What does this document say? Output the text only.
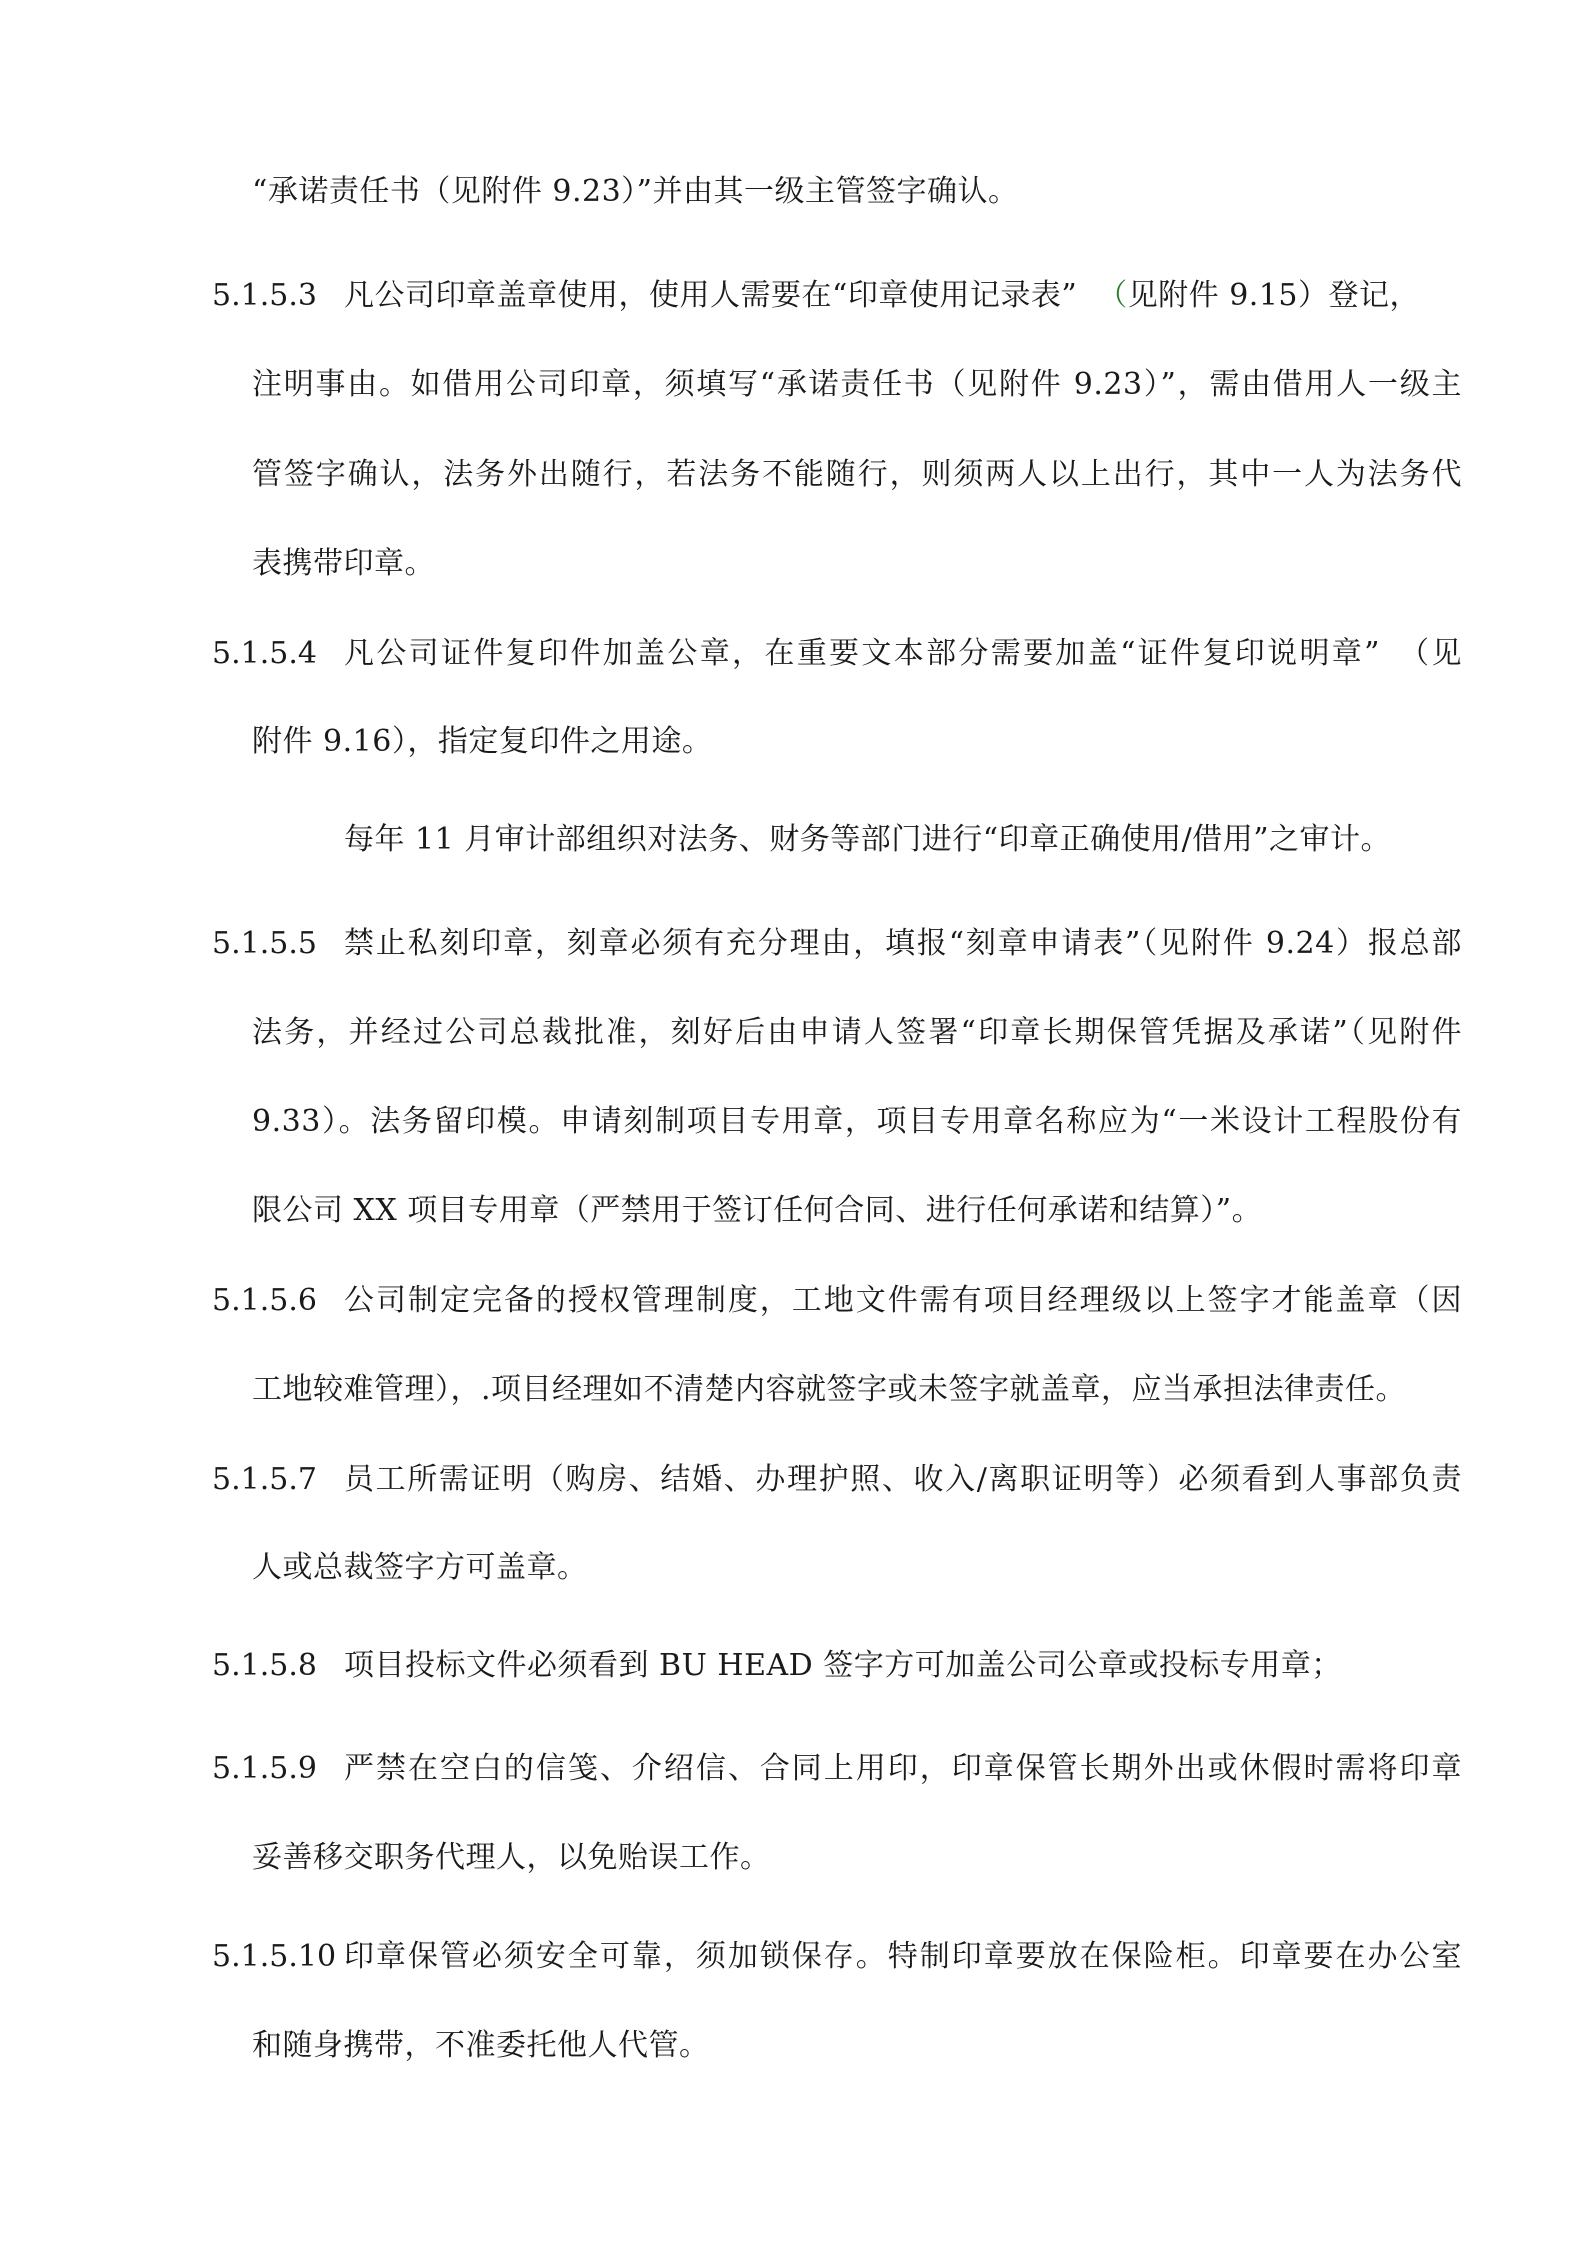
“承诺责任书（见附件 9.23）”并由其一级主管签字确认。
5.1.5.3 凡公司印章盖章使用，使用人需要在“印章使用记录表” （见附件 9.15）登记，
注明事由。如借用公司印章，须填写“承诺责任书（见附件 9.23）”，需由借用人一级主
管签字确认，法务外出随行，若法务不能随行，则须两人以上出行，其中一人为法务代
表携带印章。
5.1.5.4 凡公司证件复印件加盖公章，在重要文本部分需要加盖“证件复印说明章”　（见
附件 9.16），指定复印件之用途。
每年 11 月审计部组织对法务、财务等部门进行“印章正确使用/借用”之审计。
5.1.5.5 禁止私刻印章，刻章必须有充分理由，填报“刻章申请表”（见附件 9.24）报总部
法务，并经过公司总裁批准，刻好后由申请人签署“印章长期保管凭据及承诺”（见附件
9.33）。法务留印模。申请刻制项目专用章，项目专用章名称应为“一米设计工程股份有
限公司 XX 项目专用章（严禁用于签订任何合同、进行任何承诺和结算）”。
5.1.5.6 公司制定完备的授权管理制度，工地文件需有项目经理级以上签字才能盖章（因
工地较难管理），.项目经理如不清楚内容就签字或未签字就盖章，应当承担法律责任。
5.1.5.7 员工所需证明（购房、结婚、办理护照、收入/离职证明等）必须看到人事部负责
人或总裁签字方可盖章。
5.1.5.8 项目投标文件必须看到 BU HEAD 签字方可加盖公司公章或投标专用章；
5.1.5.9 严禁在空白的信笺、介绍信、合同上用印，印章保管长期外出或休假时需将印章
妥善移交职务代理人，以免贻误工作。
5.1.5.10 印章保管必须安全可靠，须加锁保存。特制印章要放在保险柜。印章要在办公室
和随身携带，不准委托他人代管。
